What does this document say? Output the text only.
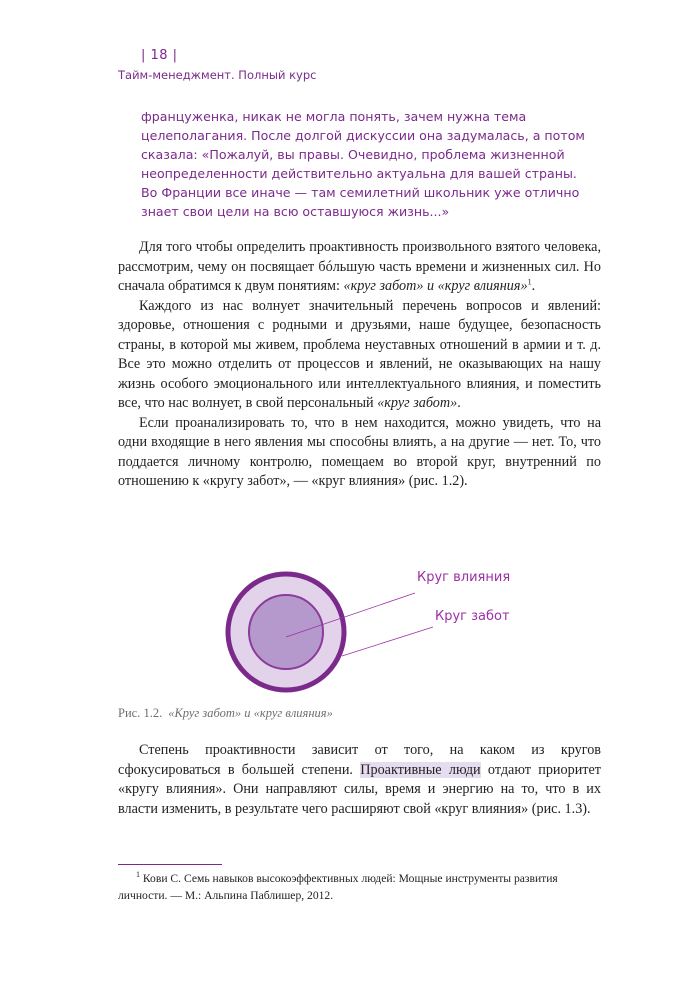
| 18 |
Тайм-менеджмент. Полный курс
француженка, никак не могла понять, зачем нужна тема
целеполагания. После долгой дискуссии она задумалась, а потом
сказала: «Пожалуй, вы правы. Очевидно, проблема жизненной
неопределенности действительно актуальна для вашей страны.
Во Франции все иначе — там семилетний школьник уже отлично
знает свои цели на всю оставшуюся жизнь...»

Для того чтобы определить проактивность произвольного взятого человека, рассмотрим, чему он посвящает бóльшую часть времени и жизненных сил. Но сначала обратимся к двум понятиям: «круг забот» и «круг влияния»$^1$.

Каждого из нас волнует значительный перечень вопросов и явлений: здоровье, отношения с родными и друзьями, наше будущее, безопасность страны, в которой мы живем, проблема неуставных отношений в армии и т. д. Все это можно отделить от процессов и явлений, не оказывающих на нашу жизнь особого эмоционального или интеллектуального влияния, и поместить все, что нас волнует, в свой персональный «круг забот».

Если проанализировать то, что в нем находится, можно увидеть, что на одни входящие в него явления мы способны влиять, а на другие — нет. То, что поддается личному контролю, помещаем во второй круг, внутренний по отношению к «кругу забот», — «круг влияния» (рис. 1.2).

Круг влияния
Круг забот
Рис. 1.2. «Круг забот» и «круг влияния»

Степень проактивности зависит от того, на каком из кругов сфокусироваться в большей степени. Проактивные люди отдают приоритет «кругу влияния». Они направляют силы, время и энергию на то, что в их власти изменить, в результате чего расширяют свой «круг влияния» (рис. 1.3).

$^1$ Кови С. Семь навыков высокоэффективных людей: Мощные инструменты развития личности. — М.: Альпина Паблишер, 2012.
